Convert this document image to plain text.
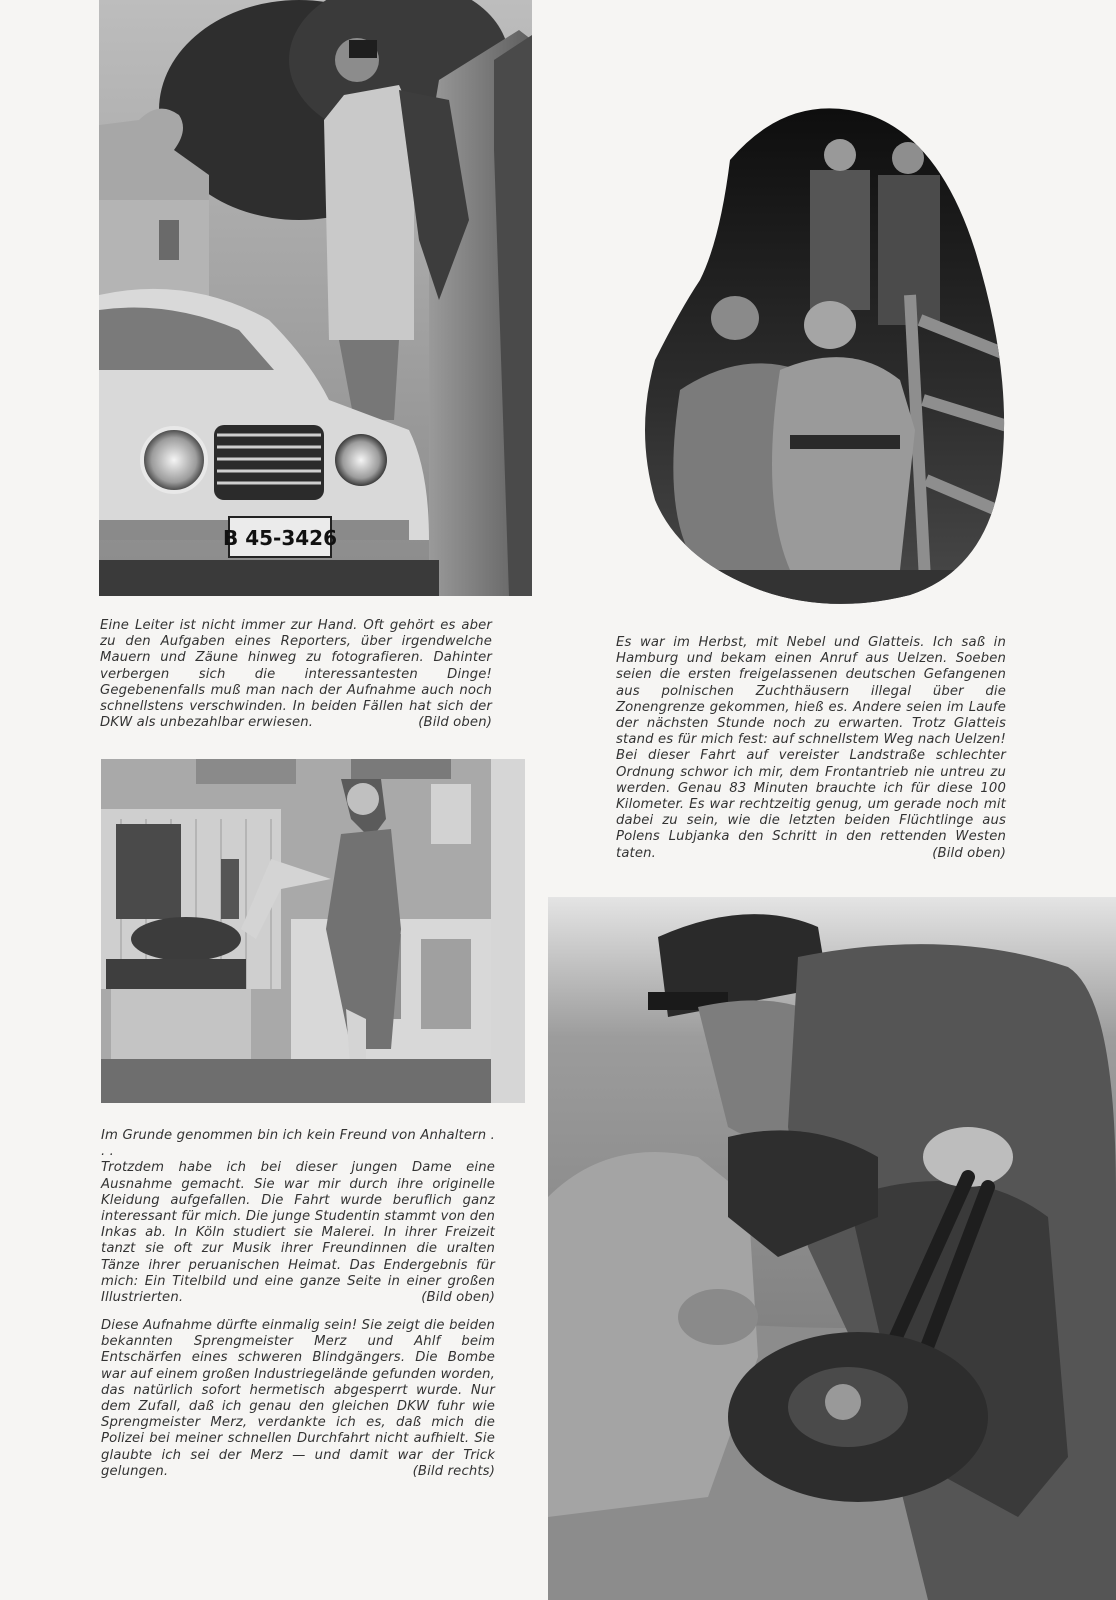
B 45-3426

Eine Leiter ist nicht immer zur Hand. Oft gehört es aber zu den Aufgaben eines Reporters, über irgendwelche Mauern und Zäune hinweg zu fotografieren. Dahinter verbergen sich die interessantesten Dinge! Gegebenenfalls muß man nach der Aufnahme auch noch schnellstens verschwinden. In beiden Fällen hat sich der DKW als unbezahlbar erwiesen.	(Bild oben)

Es war im Herbst, mit Nebel und Glatteis. Ich saß in Hamburg und bekam einen Anruf aus Uelzen. Soeben seien die ersten freigelassenen deutschen Gefangenen aus polnischen Zuchthäusern illegal über die Zonengrenze gekommen, hieß es. Andere seien im Laufe der nächsten Stunde noch zu erwarten. Trotz Glatteis stand es für mich fest: auf schnellstem Weg nach Uelzen! Bei dieser Fahrt auf vereister Landstraße schlechter Ordnung schwor ich mir, dem Frontantrieb nie untreu zu werden. Genau 83 Minuten brauchte ich für diese 100 Kilometer. Es war rechtzeitig genug, um gerade noch mit dabei zu sein, wie die letzten beiden Flüchtlinge aus Polens Lubjanka den Schritt in den rettenden Westen taten.	(Bild oben)

Im Grunde genommen bin ich kein Freund von Anhaltern . . .

Trotzdem habe ich bei dieser jungen Dame eine Ausnahme gemacht. Sie war mir durch ihre originelle Kleidung aufgefallen. Die Fahrt wurde beruflich ganz interessant für mich. Die junge Studentin stammt von den Inkas ab. In Köln studiert sie Malerei. In ihrer Freizeit tanzt sie oft zur Musik ihrer Freundinnen die uralten Tänze ihrer peruanischen Heimat. Das Endergebnis für mich: Ein Titelbild und eine ganze Seite in einer großen Illustrierten.	(Bild oben)

Diese Aufnahme dürfte einmalig sein! Sie zeigt die beiden bekannten Sprengmeister Merz und Ahlf beim Entschärfen eines schweren Blindgängers. Die Bombe war auf einem großen Industriegelände gefunden worden, das natürlich sofort hermetisch abgesperrt wurde. Nur dem Zufall, daß ich genau den gleichen DKW fuhr wie Sprengmeister Merz, verdankte ich es, daß mich die Polizei bei meiner schnellen Durchfahrt nicht aufhielt. Sie glaubte ich sei der Merz — und damit war der Trick gelungen.	(Bild rechts)
